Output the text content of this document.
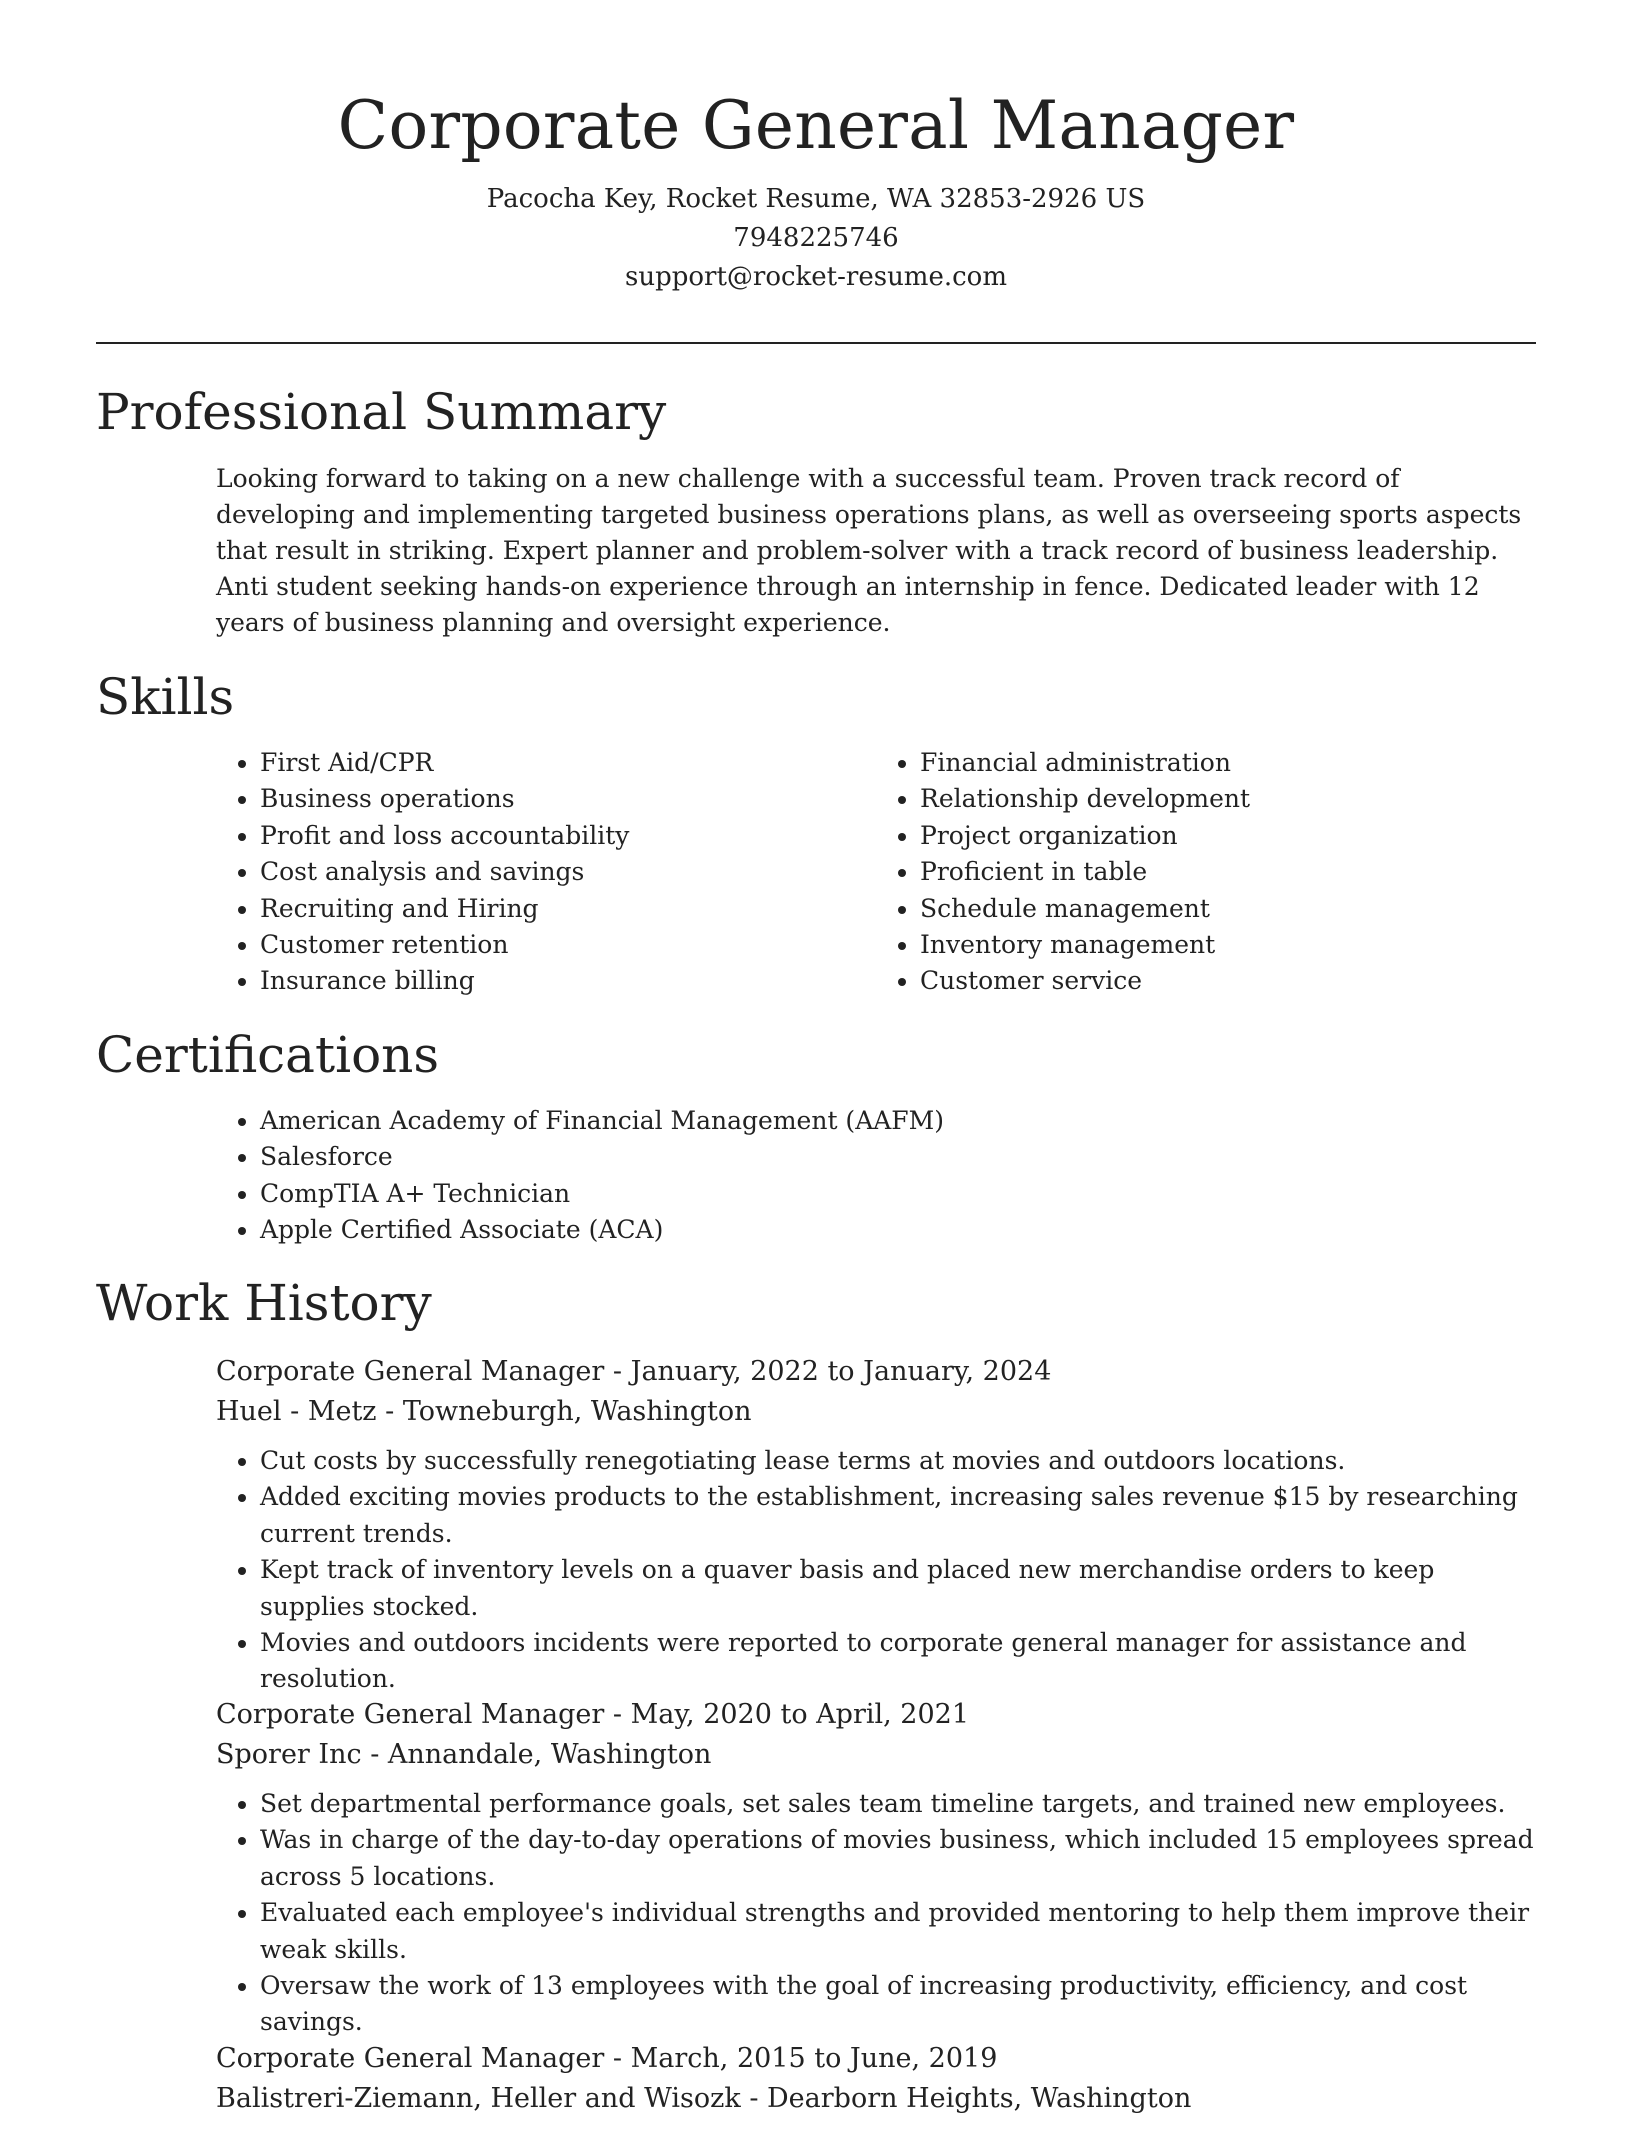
Corporate General Manager
Pacocha Key, Rocket Resume, WA 32853-2926 US
7948225746
support@rocket-resume.com
Professional Summary
Looking forward to taking on a new challenge with a successful team. Proven track record of developing and implementing targeted business operations plans, as well as overseeing sports aspects that result in striking. Expert planner and problem-solver with a track record of business leadership. Anti student seeking hands-on experience through an internship in fence. Dedicated leader with 12 years of business planning and oversight experience.
Skills
• First Aid/CPR
• Business operations
• Profit and loss accountability
• Cost analysis and savings
• Recruiting and Hiring
• Customer retention
• Insurance billing
• Financial administration
• Relationship development
• Project organization
• Proficient in table
• Schedule management
• Inventory management
• Customer service
Certifications
• American Academy of Financial Management (AAFM)
• Salesforce
• CompTIA A+ Technician
• Apple Certified Associate (ACA)
Work History
Corporate General Manager - January, 2022 to January, 2024
Huel - Metz - Towneburgh, Washington
• Cut costs by successfully renegotiating lease terms at movies and outdoors locations.
• Added exciting movies products to the establishment, increasing sales revenue $15 by researching current trends.
• Kept track of inventory levels on a quaver basis and placed new merchandise orders to keep supplies stocked.
• Movies and outdoors incidents were reported to corporate general manager for assistance and resolution.
Corporate General Manager - May, 2020 to April, 2021
Sporer Inc - Annandale, Washington
• Set departmental performance goals, set sales team timeline targets, and trained new employees.
• Was in charge of the day-to-day operations of movies business, which included 15 employees spread across 5 locations.
• Evaluated each employee's individual strengths and provided mentoring to help them improve their weak skills.
• Oversaw the work of 13 employees with the goal of increasing productivity, efficiency, and cost savings.
Corporate General Manager - March, 2015 to June, 2019
Balistreri-Ziemann, Heller and Wisozk - Dearborn Heights, Washington
